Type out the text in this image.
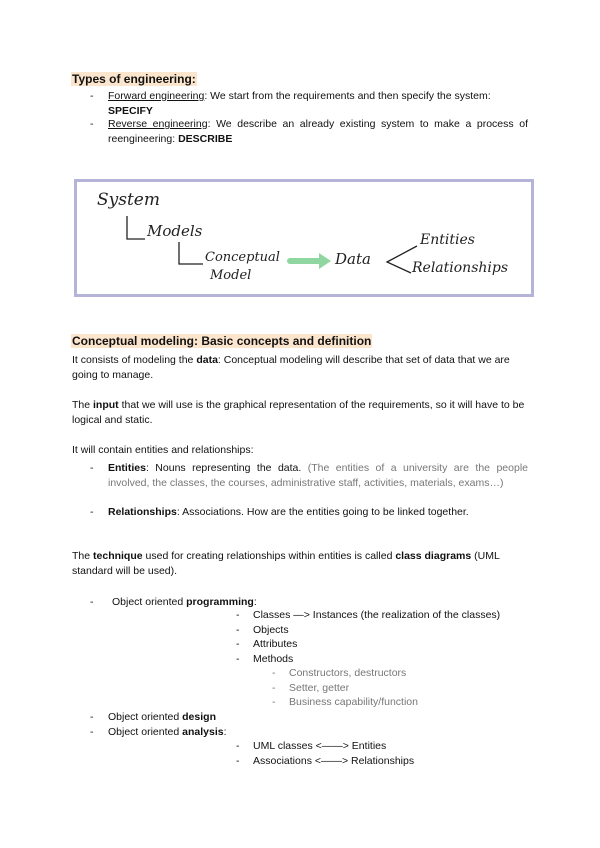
Types of engineering:
-	Forward engineering: We start from the requirements and then specify the system:
SPECIFY
-	Reverse engineering: We describe an already existing system to make a process of reengineering: DESCRIBE
System
Models
Conceptual
Model
Data
Entities
Relationships
Conceptual modeling: Basic concepts and definition
It consists of modeling the data: Conceptual modeling will describe that set of data that we are going to manage.
The input that we will use is the graphical representation of the requirements, so it will have to be logical and static.
It will contain entities and relationships:
-	Entities: Nouns representing the data. (The entities of a university are the people involved, the classes, the courses, administrative staff, activities, materials, exams…)
-	Relationships: Associations. How are the entities going to be linked together.
The technique used for creating relationships within entities is called class diagrams (UML standard will be used).
-	Object oriented programming:
-	Classes —> Instances (the realization of the classes)
-	Objects
-	Attributes
-	Methods
-	Constructors, destructors
-	Setter, getter
-	Business capability/function
-	Object oriented design
-	Object oriented analysis:
-	UML classes <——> Entities
-	Associations <——> Relationships
